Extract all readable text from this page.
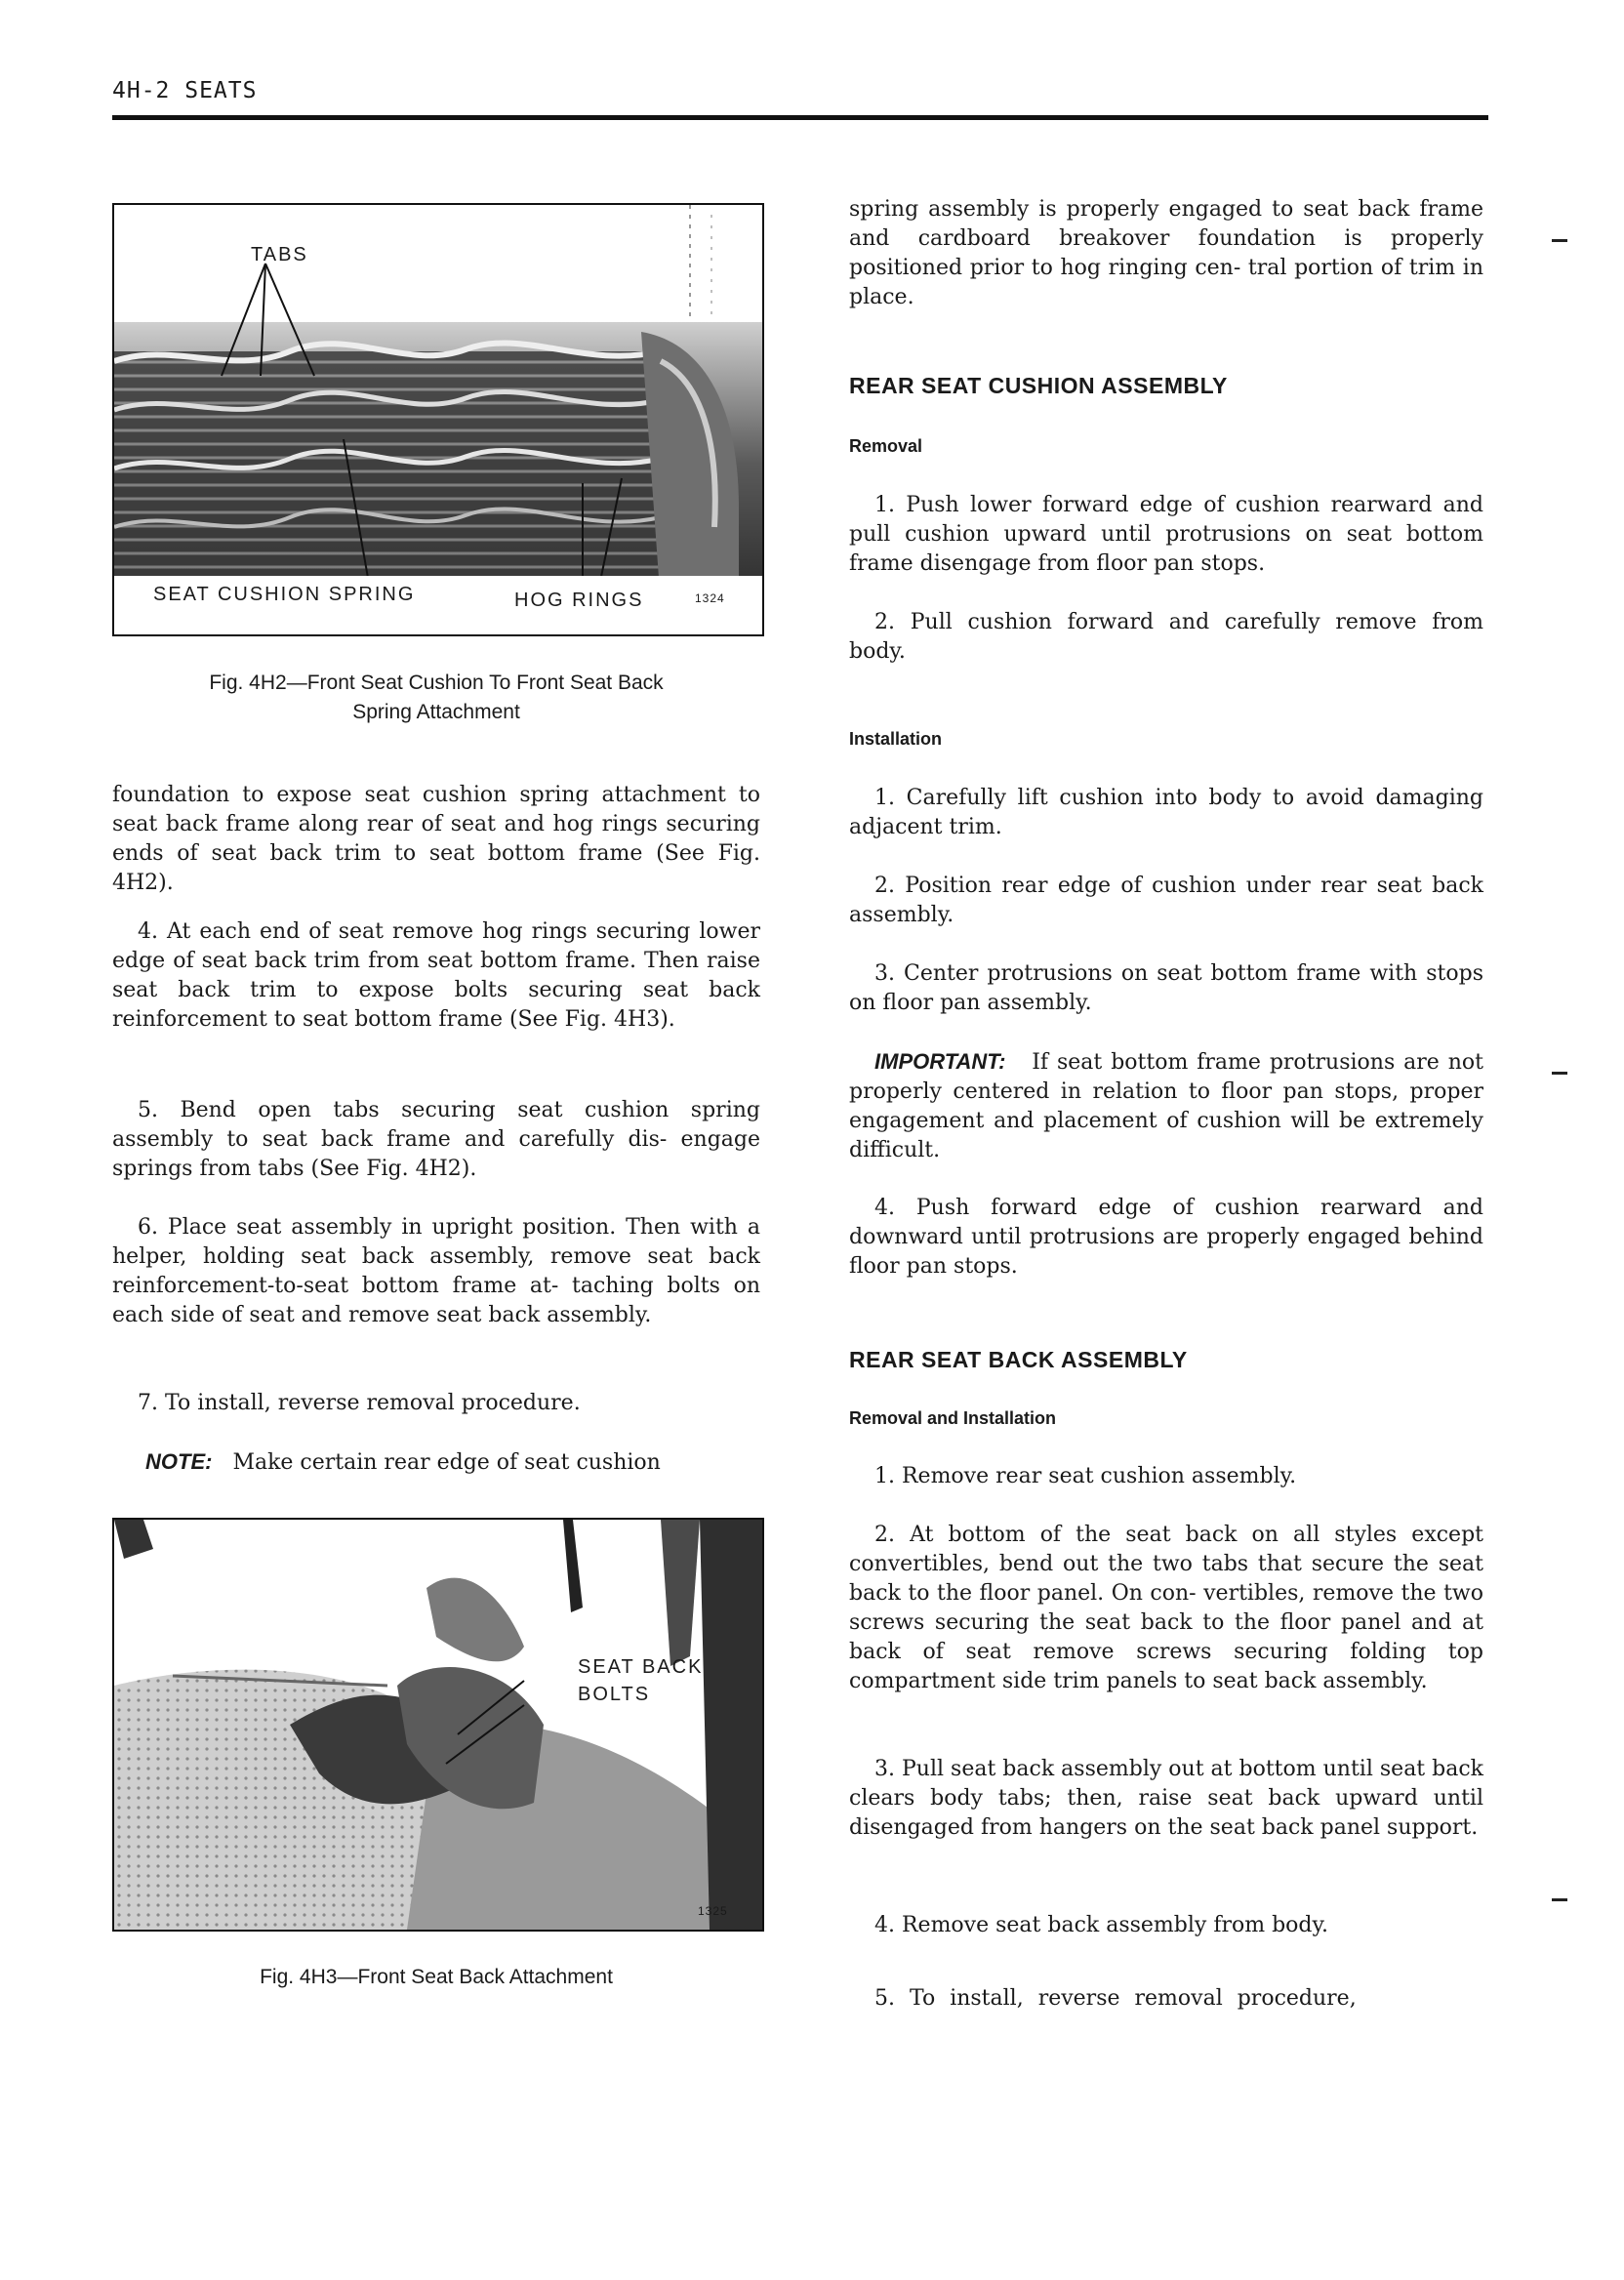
4H-2 SEATS
TABS
SEAT CUSHION SPRING	HOG RINGS	1324

Fig. 4H2—Front Seat Cushion To Front Seat Back

Spring Attachment

foundation to expose seat cushion spring attachment to seat back frame along rear of seat and hog rings securing ends of seat back trim to seat bottom frame (See Fig. 4H2).

4. At each end of seat remove hog rings securing lower edge of seat back trim from seat bottom frame. Then raise seat back trim to expose bolts securing seat back reinforcement to seat bottom frame (See Fig. 4H3).

5. Bend open tabs securing seat cushion spring assembly to seat back frame and carefully dis- engage springs from tabs (See Fig. 4H2).

6. Place seat assembly in upright position. Then with a helper, holding seat back assembly, remove seat back reinforcement-to-seat bottom frame at- taching bolts on each side of seat and remove seat back assembly.

7. To install, reverse removal procedure.

NOTE: Make certain rear edge of seat cushion

SEAT BACK
BOLTS
1325

Fig. 4H3—Front Seat Back Attachment

spring assembly is properly engaged to seat back frame and cardboard breakover foundation is properly positioned prior to hog ringing cen- tral portion of trim in place.

REAR SEAT CUSHION ASSEMBLY

Removal

1. Push lower forward edge of cushion rearward and pull cushion upward until protrusions on seat bottom frame disengage from floor pan stops.

2. Pull cushion forward and carefully remove from body.

Installation

1. Carefully lift cushion into body to avoid damaging adjacent trim.

2. Position rear edge of cushion under rear seat back assembly.

3. Center protrusions on seat bottom frame with stops on floor pan assembly.

IMPORTANT: If seat bottom frame protrusions are not properly centered in relation to floor pan stops, proper engagement and placement of cushion will be extremely difficult.

4. Push forward edge of cushion rearward and downward until protrusions are properly engaged behind floor pan stops.

REAR SEAT BACK ASSEMBLY

Removal and Installation

1. Remove rear seat cushion assembly.

2. At bottom of the seat back on all styles except convertibles, bend out the two tabs that secure the seat back to the floor panel. On con- vertibles, remove the two screws securing the seat back to the floor panel and at back of seat remove screws securing folding top compartment side trim panels to seat back assembly.

3. Pull seat back assembly out at bottom until seat back clears body tabs; then, raise seat back upward until disengaged from hangers on the seat back panel support.

4. Remove seat back assembly from body.

5. To install, reverse removal procedure,
